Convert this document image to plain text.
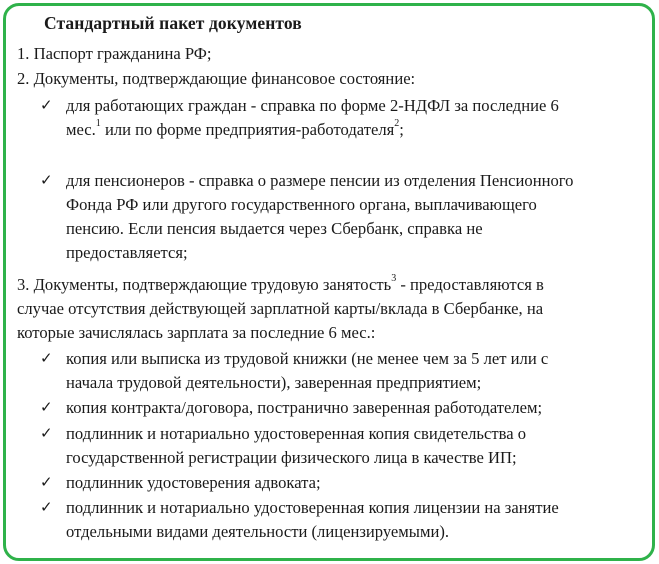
Стандартный пакет документов
1. Паспорт гражданина РФ;
2. Документы, подтверждающие финансовое состояние:
✓ для работающих граждан - справка по форме 2-НДФЛ за последние 6
мес.$^1$ или по форме предприятия-работодателя$^2$;
✓ для пенсионеров - справка о размере пенсии из отделения Пенсионного
Фонда РФ или другого государственного органа, выплачивающего
пенсию. Если пенсия выдается через Сбербанк, справка не
предоставляется;
3. Документы, подтверждающие трудовую занятость$^3$ - предоставляются в
случае отсутствия действующей зарплатной карты/вклада в Сбербанке, на
которые зачислялась зарплата за последние 6 мес.:
✓ копия или выписка из трудовой книжки (не менее чем за 5 лет или с
начала трудовой деятельности), заверенная предприятием;
✓ копия контракта/договора, постранично заверенная работодателем;
✓ подлинник и нотариально удостоверенная копия свидетельства о
государственной регистрации физического лица в качестве ИП;
✓ подлинник удостоверения адвоката;
✓ подлинник и нотариально удостоверенная копия лицензии на занятие
отдельными видами деятельности (лицензируемыми).
